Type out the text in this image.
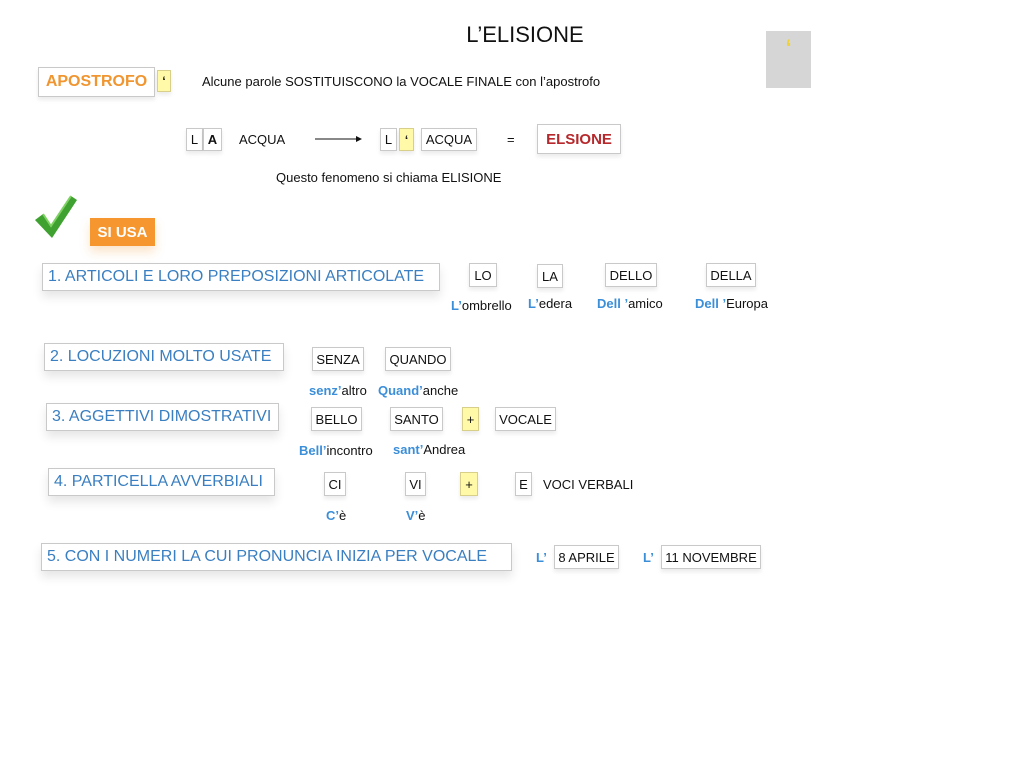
L’ELISIONE
‘
APOSTROFO	‘	Alcune parole SOSTITUISCONO la VOCALE FINALE con l’apostrofo
L A	ACQUA	L	‘	ACQUA	=	ELSIONE
Questo fenomeno si chiama ELISIONE
SI USA
1. ARTICOLI E LORO PREPOSIZIONI ARTICOLATE	LO	LA	DELLO	DELLA
L’ombrello L’edera Dell ’amico Dell ’Europa
2. LOCUZIONI MOLTO USATE	SENZA	QUANDO
senz’altro Quand’anche
3. AGGETTIVI DIMOSTRATIVI	BELLO	SANTO	+	VOCALE
Bell’incontro sant’Andrea
4. PARTICELLA AVVERBIALI	CI	VI	+	E	VOCI VERBALI
C’è	V’è
5. CON I NUMERI LA CUI PRONUNCIA INIZIA PER VOCALE	L’ 8 APRILE	L’ 11 NOVEMBRE
